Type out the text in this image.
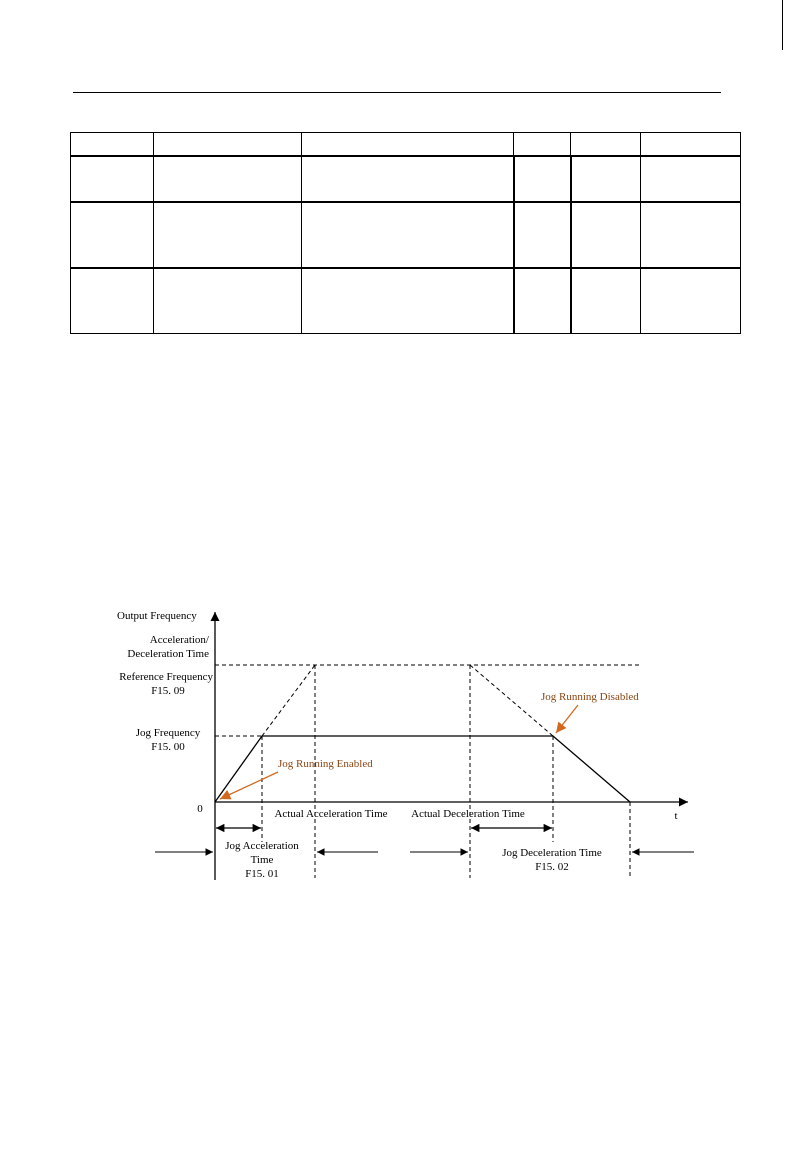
Output Frequency
Acceleration/
Deceleration Time
Reference Frequency
F15. 09
Jog Frequency
F15. 00
Jog Running Enabled
Jog Running Disabled
0
t
Actual Acceleration Time Actual Deceleration Time
Jog Acceleration
Time
F15. 01
Jog Deceleration Time
F15. 02
